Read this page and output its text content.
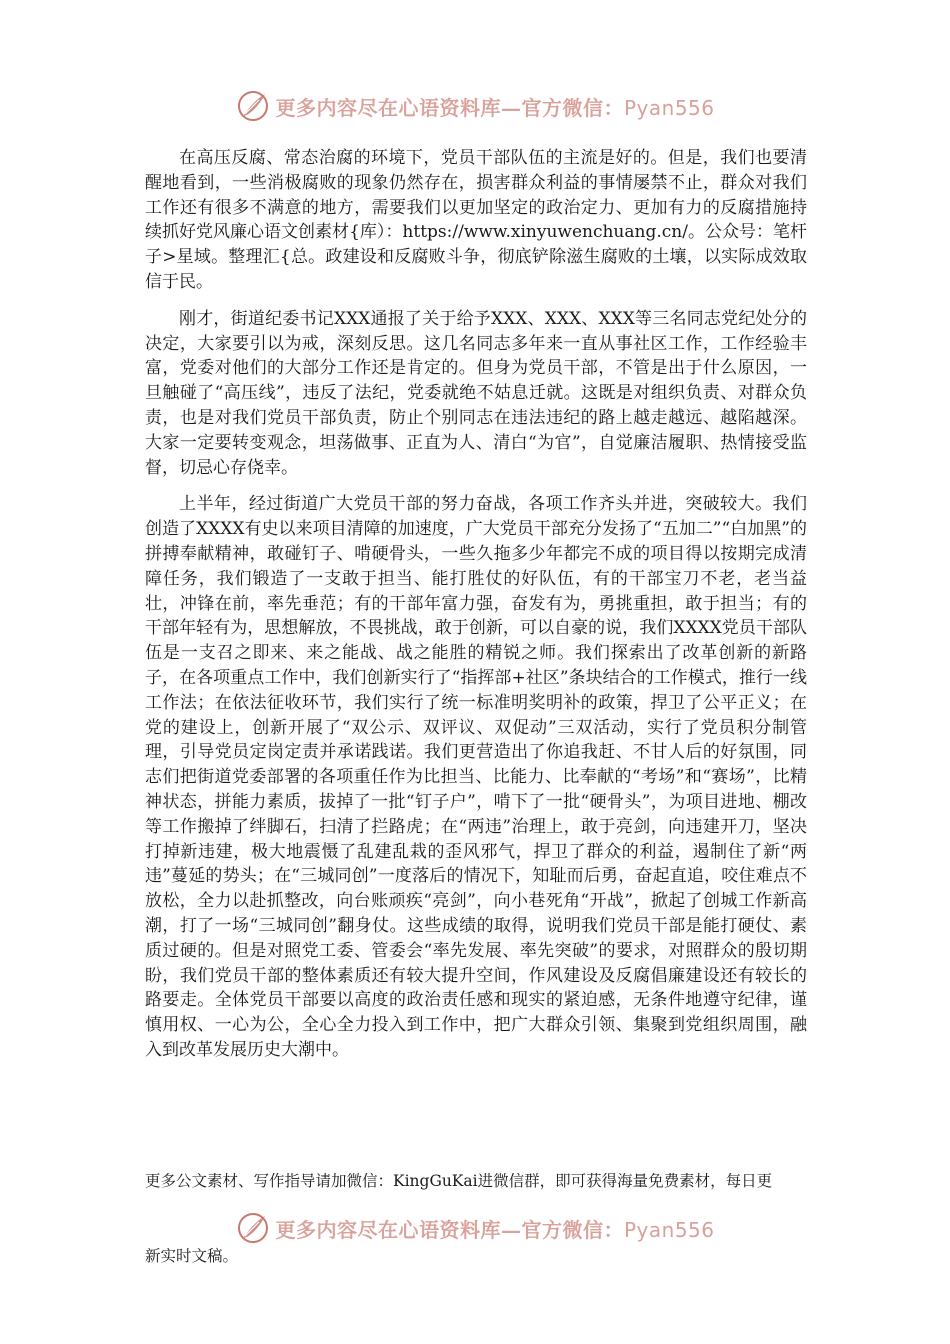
更多内容尽在心语资料库—官方微信：Pyan556

在高压反腐、常态治腐的环境下，党员干部队伍的主流是好的。但是，我们也要清醒地看到，一些消极腐败的现象仍然存在，损害群众利益的事情屡禁不止，群众对我们工作还有很多不满意的地方，需要我们以更加坚定的政治定力、更加有力的反腐措施持续抓好党风廉心语文创素材{库）：https://www.xinyuwenchuang.cn/。公众号：笔杆子>星域。整理汇{总。政建设和反腐败斗争，彻底铲除滋生腐败的土壤，以实际成效取信于民。

刚才，街道纪委书记XXX通报了关于给予XXX、XXX、XXX等三名同志党纪处分的决定，大家要引以为戒，深刻反思。这几名同志多年来一直从事社区工作，工作经验丰富，党委对他们的大部分工作还是肯定的。但身为党员干部，不管是出于什么原因，一旦触碰了“高压线”，违反了法纪，党委就绝不姑息迁就。这既是对组织负责、对群众负责，也是对我们党员干部负责，防止个别同志在违法违纪的路上越走越远、越陷越深。大家一定要转变观念，坦荡做事、正直为人、清白“为官”，自觉廉洁履职、热情接受监督，切忌心存侥幸。

上半年，经过街道广大党员干部的努力奋战，各项工作齐头并进，突破较大。我们创造了XXXX有史以来项目清障的加速度，广大党员干部充分发扬了“五加二”“白加黑”的拼搏奉献精神，敢碰钉子、啃硬骨头，一些久拖多少年都完不成的项目得以按期完成清障任务，我们锻造了一支敢于担当、能打胜仗的好队伍，有的干部宝刀不老，老当益壮，冲锋在前，率先垂范；有的干部年富力强，奋发有为，勇挑重担，敢于担当；有的干部年轻有为，思想解放，不畏挑战，敢于创新，可以自豪的说，我们XXXX党员干部队伍是一支召之即来、来之能战、战之能胜的精锐之师。我们探索出了改革创新的新路子，在各项重点工作中，我们创新实行了“指挥部+社区”条块结合的工作模式，推行一线工作法；在依法征收环节，我们实行了统一标准明奖明补的政策，捍卫了公平正义；在党的建设上，创新开展了“双公示、双评议、双促动”三双活动，实行了党员积分制管理，引导党员定岗定责并承诺践诺。我们更营造出了你追我赶、不甘人后的好氛围，同志们把街道党委部署的各项重任作为比担当、比能力、比奉献的“考场”和“赛场”，比精神状态，拼能力素质，拔掉了一批“钉子户”，啃下了一批“硬骨头”，为项目进地、棚改等工作搬掉了绊脚石，扫清了拦路虎；在“两违”治理上，敢于亮剑，向违建开刀，坚决打掉新违建，极大地震慑了乱建乱栽的歪风邪气，捍卫了群众的利益，遏制住了新“两违”蔓延的势头；在“三城同创”一度落后的情况下，知耻而后勇，奋起直追，咬住难点不放松，全力以赴抓整改，向台账顽疾“亮剑”，向小巷死角“开战”，掀起了创城工作新高潮，打了一场“三城同创”翻身仗。这些成绩的取得，说明我们党员干部是能打硬仗、素质过硬的。但是对照党工委、管委会“率先发展、率先突破”的要求，对照群众的殷切期盼，我们党员干部的整体素质还有较大提升空间，作风建设及反腐倡廉建设还有较长的路要走。全体党员干部要以高度的政治责任感和现实的紧迫感，无条件地遵守纪律，谨慎用权、一心为公，全心全力投入到工作中，把广大群众引领、集聚到党组织周围，融入到改革发展历史大潮中。

更多公文素材、写作指导请加微信：KingGuKai进微信群，即可获得海量免费素材，每日更
更多内容尽在心语资料库—官方微信：Pyan556
新实时文稿。
